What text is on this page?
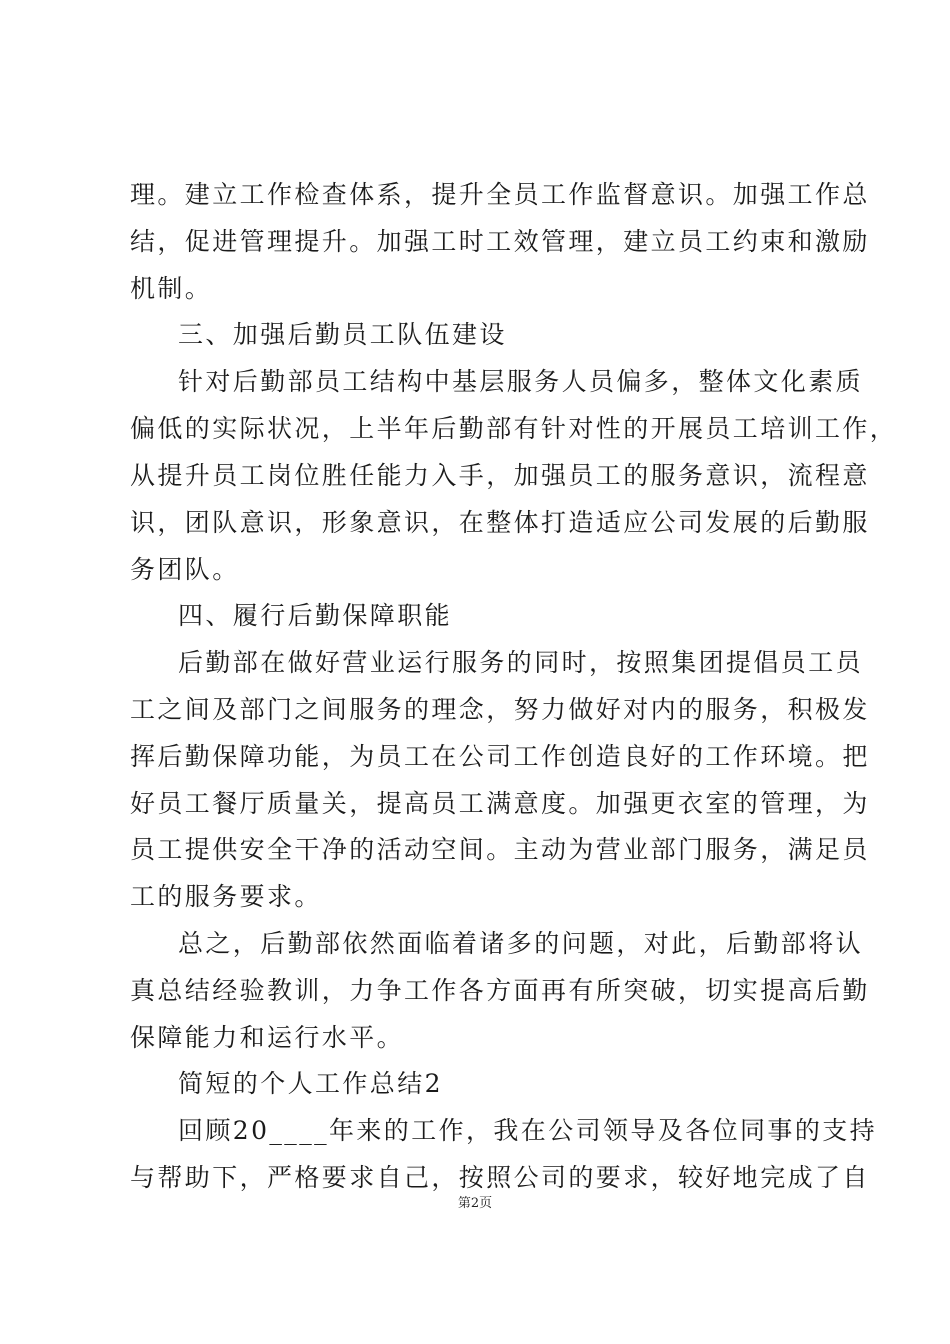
理。建立工作检查体系，提升全员工作监督意识。加强工作总
结，促进管理提升。加强工时工效管理，建立员工约束和激励
机制。
三、加强后勤员工队伍建设
针对后勤部员工结构中基层服务人员偏多，整体文化素质
偏低的实际状况，上半年后勤部有针对性的开展员工培训工作，
从提升员工岗位胜任能力入手，加强员工的服务意识，流程意
识，团队意识，形象意识，在整体打造适应公司发展的后勤服
务团队。
四、履行后勤保障职能
后勤部在做好营业运行服务的同时，按照集团提倡员工员
工之间及部门之间服务的理念，努力做好对内的服务，积极发
挥后勤保障功能，为员工在公司工作创造良好的工作环境。把
好员工餐厅质量关，提高员工满意度。加强更衣室的管理，为
员工提供安全干净的活动空间。主动为营业部门服务，满足员
工的服务要求。
总之，后勤部依然面临着诸多的问题，对此，后勤部将认
真总结经验教训，力争工作各方面再有所突破，切实提高后勤
保障能力和运行水平。
简短的个人工作总结2
回顾20____年来的工作，我在公司领导及各位同事的支持
与帮助下，严格要求自己，按照公司的要求，较好地完成了自
第2页
